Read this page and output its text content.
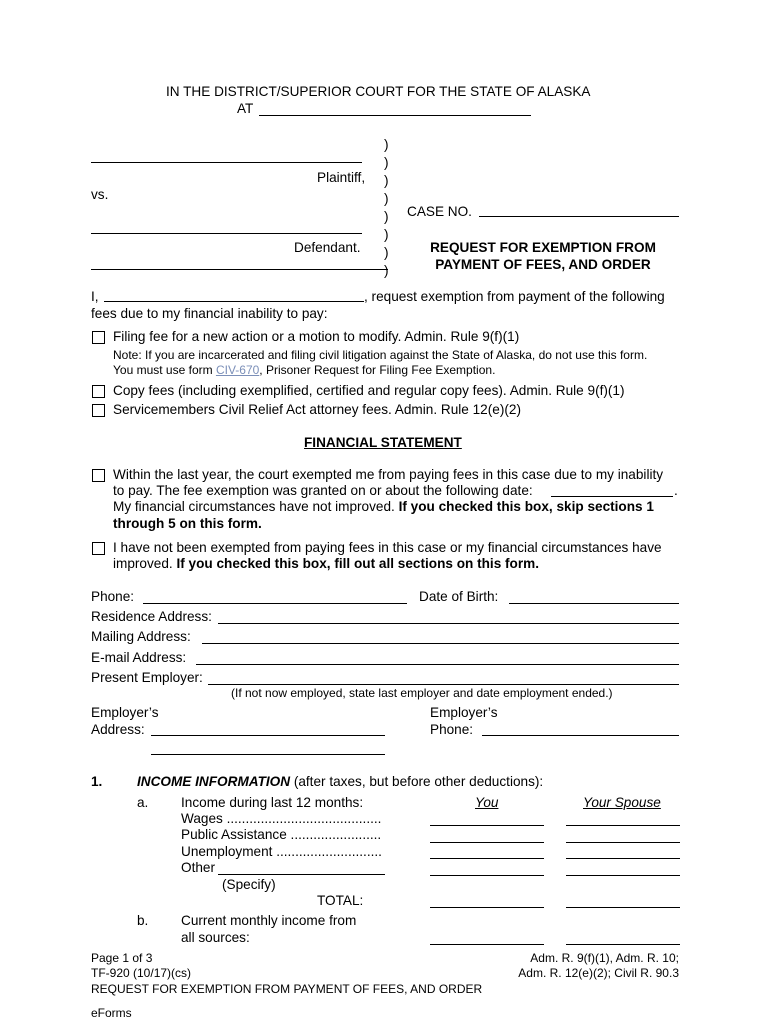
IN THE DISTRICT/SUPERIOR COURT FOR THE STATE OF ALASKA
AT
)
)
)
)
)
)
)
)
Plaintiff,
vs.
Defendant.
CASE NO.
REQUEST FOR EXEMPTION FROM
PAYMENT OF FEES, AND ORDER
I,	, request exemption from payment of the following
fees due to my financial inability to pay:
Filing fee for a new action or a motion to modify. Admin. Rule 9(f)(1)
Note: If you are incarcerated and filing civil litigation against the State of Alaska, do not use this form.
You must use form CIV-670, Prisoner Request for Filing Fee Exemption.
Copy fees (including exemplified, certified and regular copy fees). Admin. Rule 9(f)(1)
Servicemembers Civil Relief Act attorney fees. Admin. Rule 12(e)(2)
FINANCIAL STATEMENT
Within the last year, the court exempted me from paying fees in this case due to my inability
to pay. The fee exemption was granted on or about the following date:	.
My financial circumstances have not improved. If you checked this box, skip sections 1
through 5 on this form.
I have not been exempted from paying fees in this case or my financial circumstances have
improved. If you checked this box, fill out all sections on this form.
Phone:	Date of Birth:
Residence Address:
Mailing Address:
E-mail Address:
Present Employer:
(If not now employed, state last employer and date employment ended.)
Employer’s
Address:
Employer’s
Phone:
1.	INCOME INFORMATION (after taxes, but before other deductions):
a. Income during last 12 months:	You	Your Spouse
Wages .........................................
Public Assistance ........................
Unemployment ............................
Other
(Specify)
TOTAL:
b. Current monthly income from
all sources:
Page 1 of 3
TF-920 (10/17)(cs)
REQUEST FOR EXEMPTION FROM PAYMENT OF FEES, AND ORDER
Adm. R. 9(f)(1), Adm. R. 10;
Adm. R. 12(e)(2); Civil R. 90.3
eForms
